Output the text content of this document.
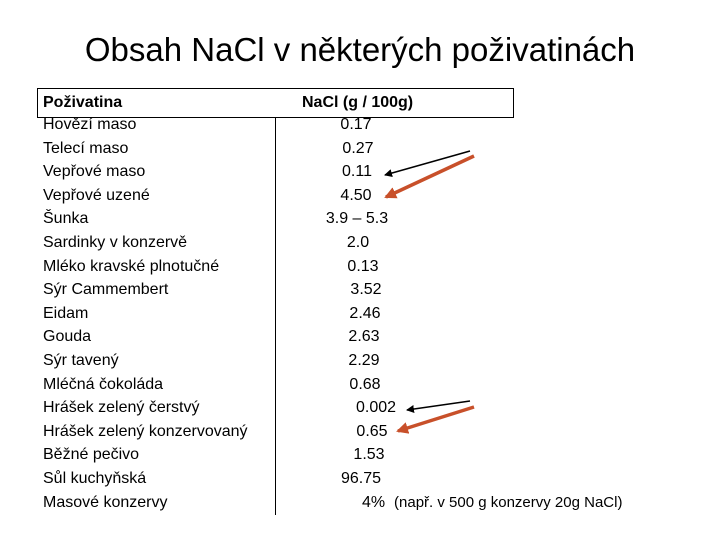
Obsah NaCl v některých poživatinách
Poživatina	NaCl (g / 100g)
Hovězí maso	0.17
Telecí maso	0.27
Vepřové maso	0.11
Vepřové uzené	4.50
Šunka	3.9 – 5.3
Sardinky v konzervě	2.0
Mléko kravské plnotučné	0.13
Sýr Cammembert	3.52
Eidam	2.46
Gouda	2.63
Sýr tavený	2.29
Mléčná čokoláda	0.68
Hrášek zelený čerstvý	0.002
Hrášek zelený konzervovaný	0.65
Běžné pečivo	1.53
Sůl kuchyňská	96.75
Masové konzervy	4%  (např. v 500 g konzervy 20g NaCl)
